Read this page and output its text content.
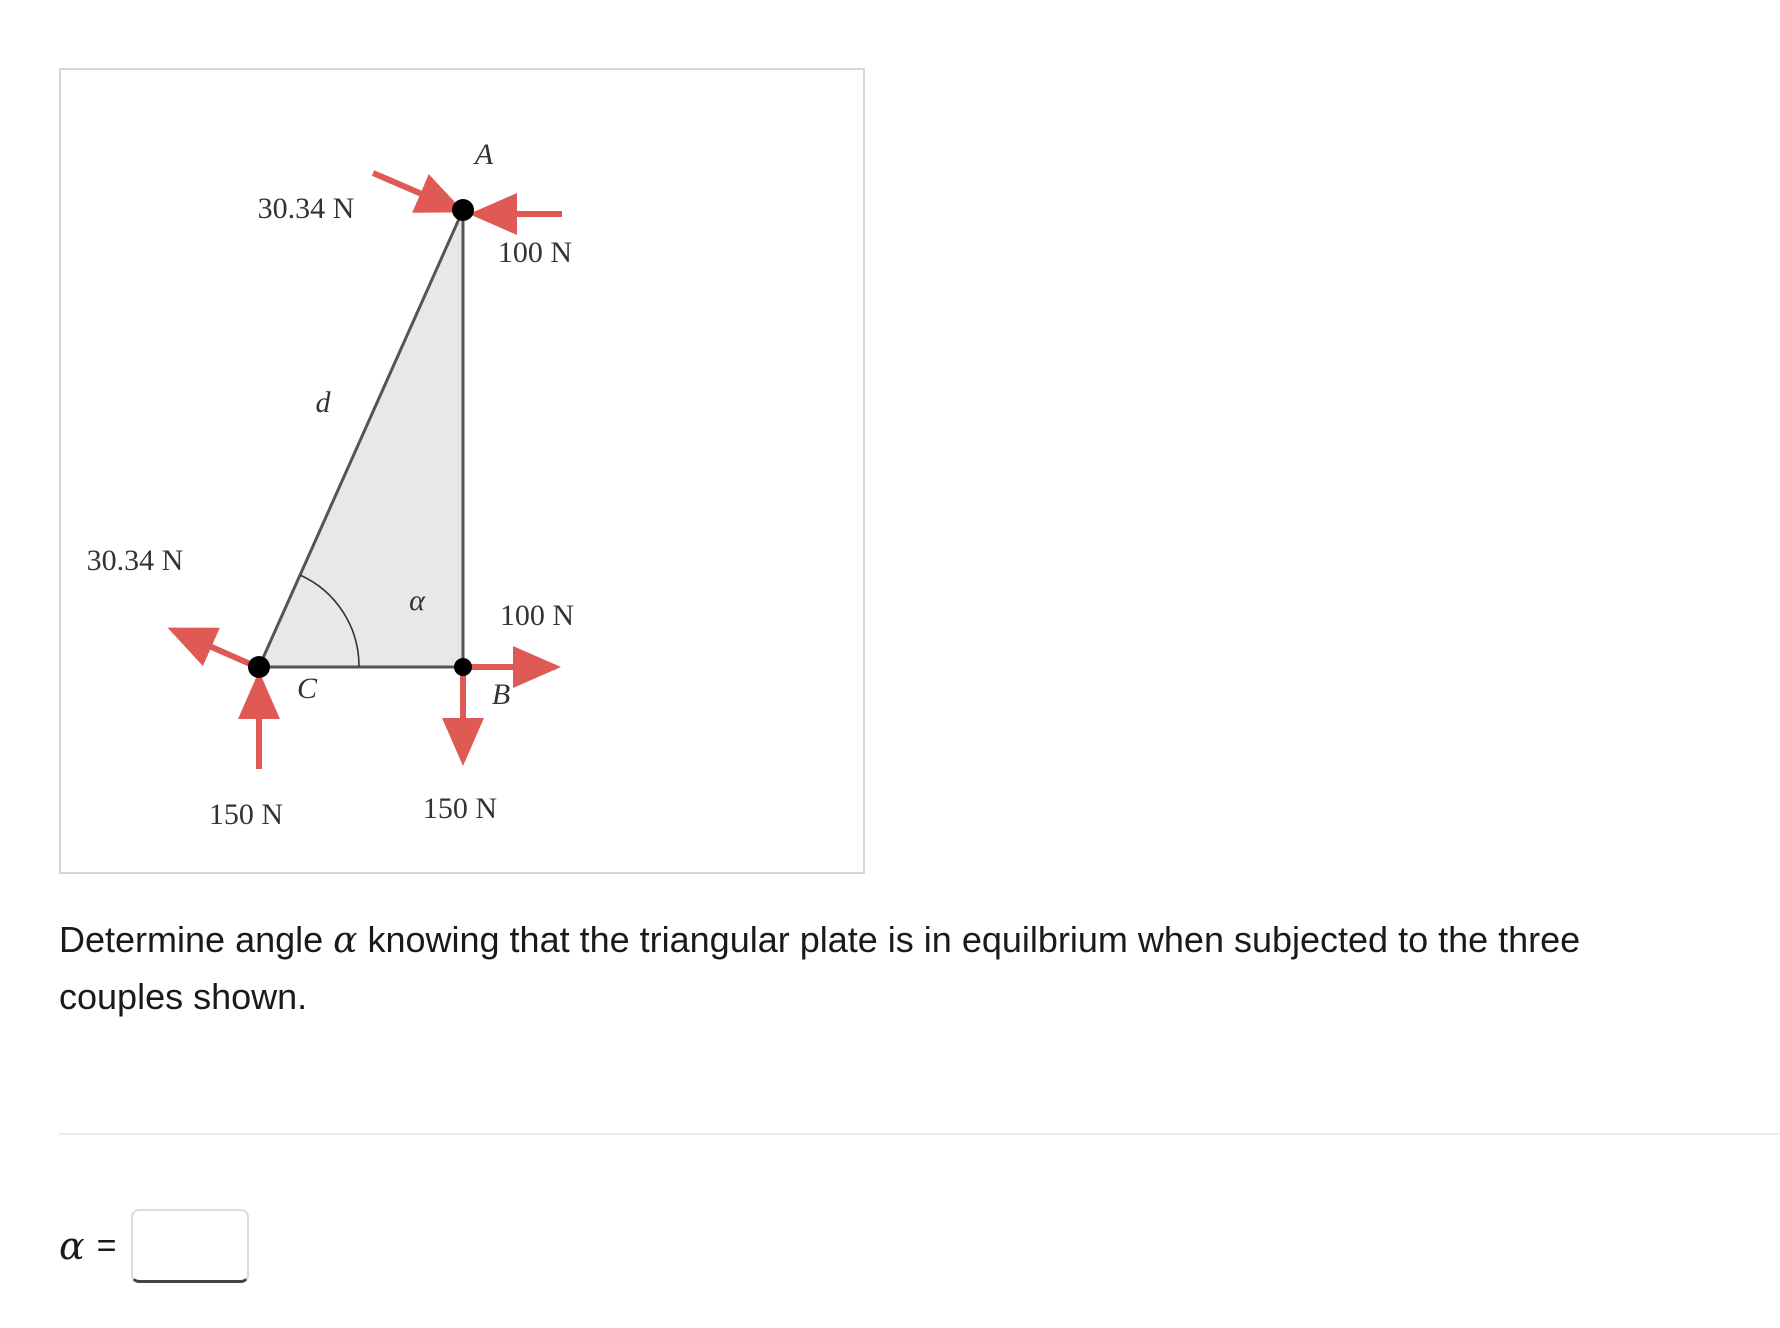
A
B
C
d
α
30.34 N
100 N
30.34 N
100 N
150 N	150 N
Determine angle α knowing that the triangular plate is in equilbrium when subjected to the three couples shown.
α =
